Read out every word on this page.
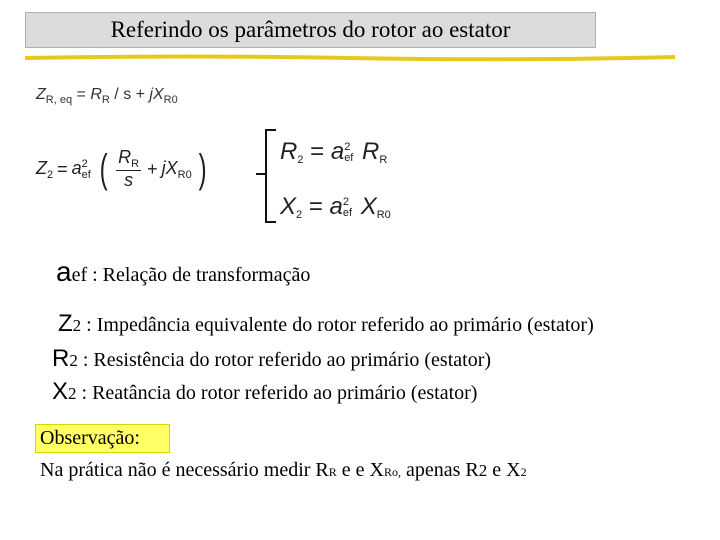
Referindo os parâmetros do rotor ao estator
$Z_{R, eq} = R_R / s + jX_{R0}$
$Z_2 = a$ 2
ef ( $\frac{R_R}{s} + jX_{R0}$ )	$R_2 = a$ 2
ef $R_R$
$X_2 = a$ 2
ef $X_{R0}$
aef : Relação de transformação
Z2 : Impedância equivalente do rotor referido ao primário (estator)
R2 : Resistência do rotor referido ao primário (estator)
X2 : Reatância do rotor referido ao primário (estator)
Observação:
Na prática não é necessário medir RR e e XRo, apenas R2 e X2
